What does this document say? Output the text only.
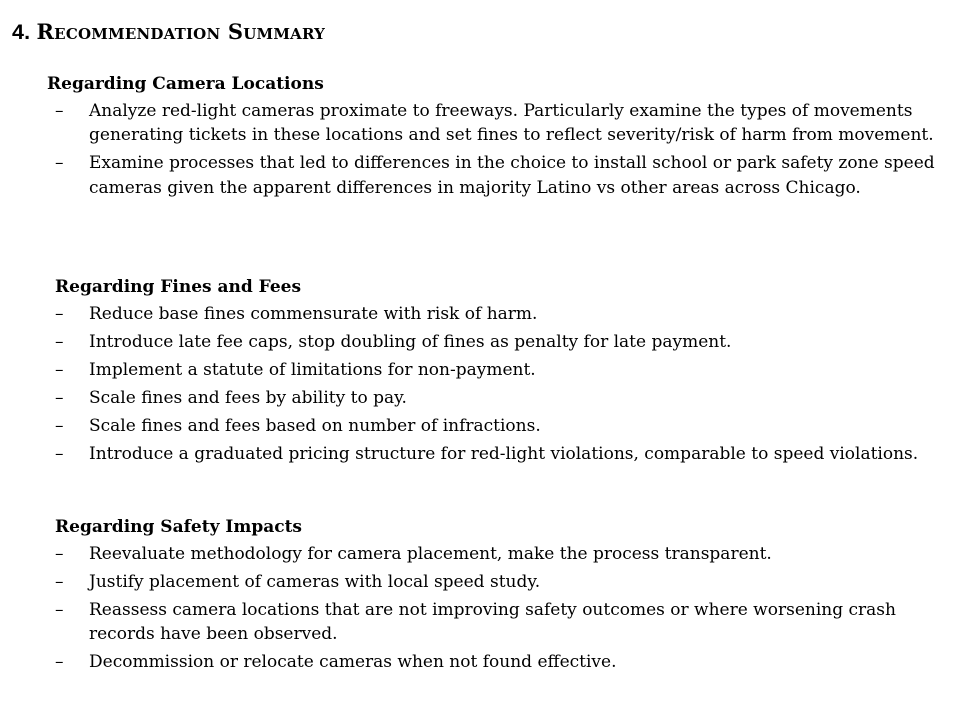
4. Recommendation Summary
Regarding Camera Locations
– Analyze red-light cameras proximate to freeways. Particularly examine the types of movements generating tickets in these locations and set fines to reflect severity/risk of harm from movement.
– Examine processes that led to differences in the choice to install school or park safety zone speed cameras given the apparent differences in majority Latino vs other areas across Chicago.
Regarding Fines and Fees
– Reduce base fines commensurate with risk of harm.
– Introduce late fee caps, stop doubling of fines as penalty for late payment.
– Implement a statute of limitations for non-payment.
– Scale fines and fees by ability to pay.
– Scale fines and fees based on number of infractions.
– Introduce a graduated pricing structure for red-light violations, comparable to speed violations.
Regarding Safety Impacts
– Reevaluate methodology for camera placement, make the process transparent.
– Justify placement of cameras with local speed study.
– Reassess camera locations that are not improving safety outcomes or where worsening crash records have been observed.
– Decommission or relocate cameras when not found effective.
